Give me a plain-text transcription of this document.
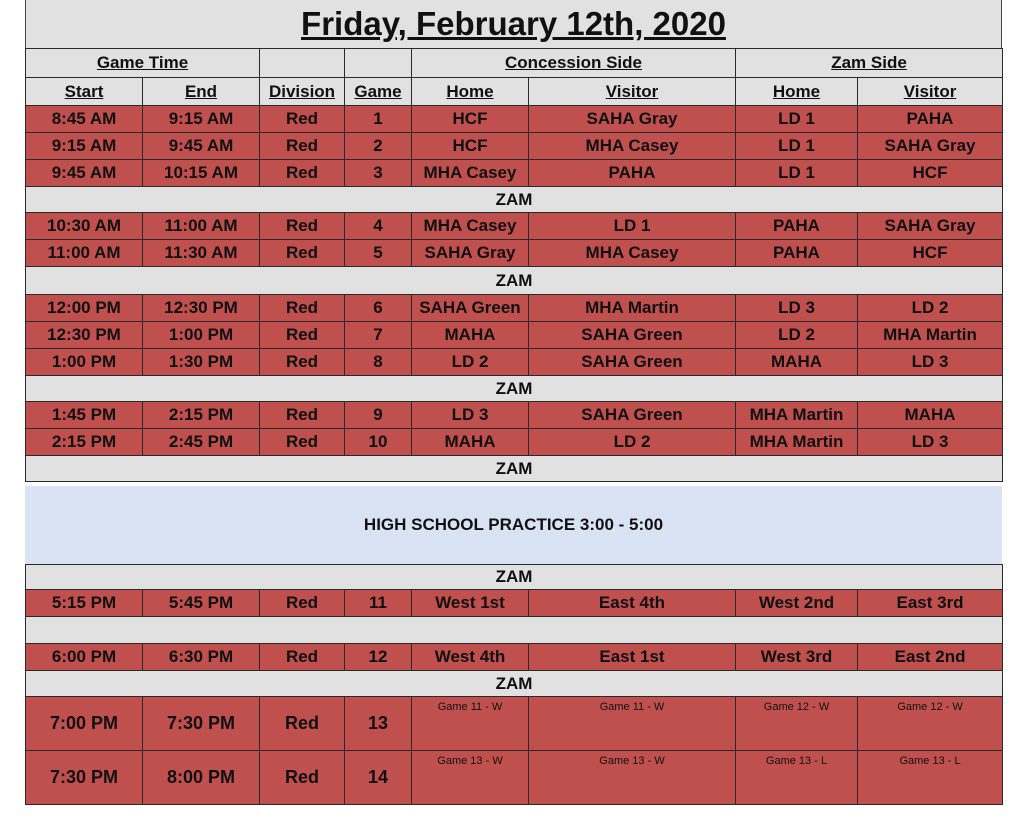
Friday, February 12th, 2020
Game Time				Concession Side		Zam Side	
Start	End	Division	Game	Home	Visitor	Home	Visitor
8:45 AM	9:15 AM	Red	1	HCF	SAHA Gray	LD 1	PAHA
9:15 AM	9:45 AM	Red	2	HCF	MHA Casey	LD 1	SAHA Gray
9:45 AM	10:15 AM	Red	3	MHA Casey	PAHA	LD 1	HCF
ZAM							
10:30 AM	11:00 AM	Red	4	MHA Casey	LD 1	PAHA	SAHA Gray
11:00 AM	11:30 AM	Red	5	SAHA Gray	MHA Casey	PAHA	HCF
ZAM							
12:00 PM	12:30 PM	Red	6	SAHA Green	MHA Martin	LD 3	LD 2
12:30 PM	1:00 PM	Red	7	MAHA	SAHA Green	LD 2	MHA Martin
1:00 PM	1:30 PM	Red	8	LD 2	SAHA Green	MAHA	LD 3
ZAM							
1:45 PM	2:15 PM	Red	9	LD 3	SAHA Green	MHA Martin	MAHA
2:15 PM	2:45 PM	Red	10	MAHA	LD 2	MHA Martin	LD 3
ZAM							
HIGH SCHOOL PRACTICE 3:00 - 5:00
ZAM							
5:15 PM	5:45 PM	Red	11	West 1st	East 4th	West 2nd	East 3rd

6:00 PM	6:30 PM	Red	12	West 4th	East 1st	West 3rd	East 2nd
ZAM							
7:00 PM	7:30 PM	Red	13	Game 11 - W	Game 11 - W	Game 12 - W	Game 12 - W
7:30 PM	8:00 PM	Red	14	Game 13 - W	Game 13 - W	Game 13 - L	Game 13 - L
